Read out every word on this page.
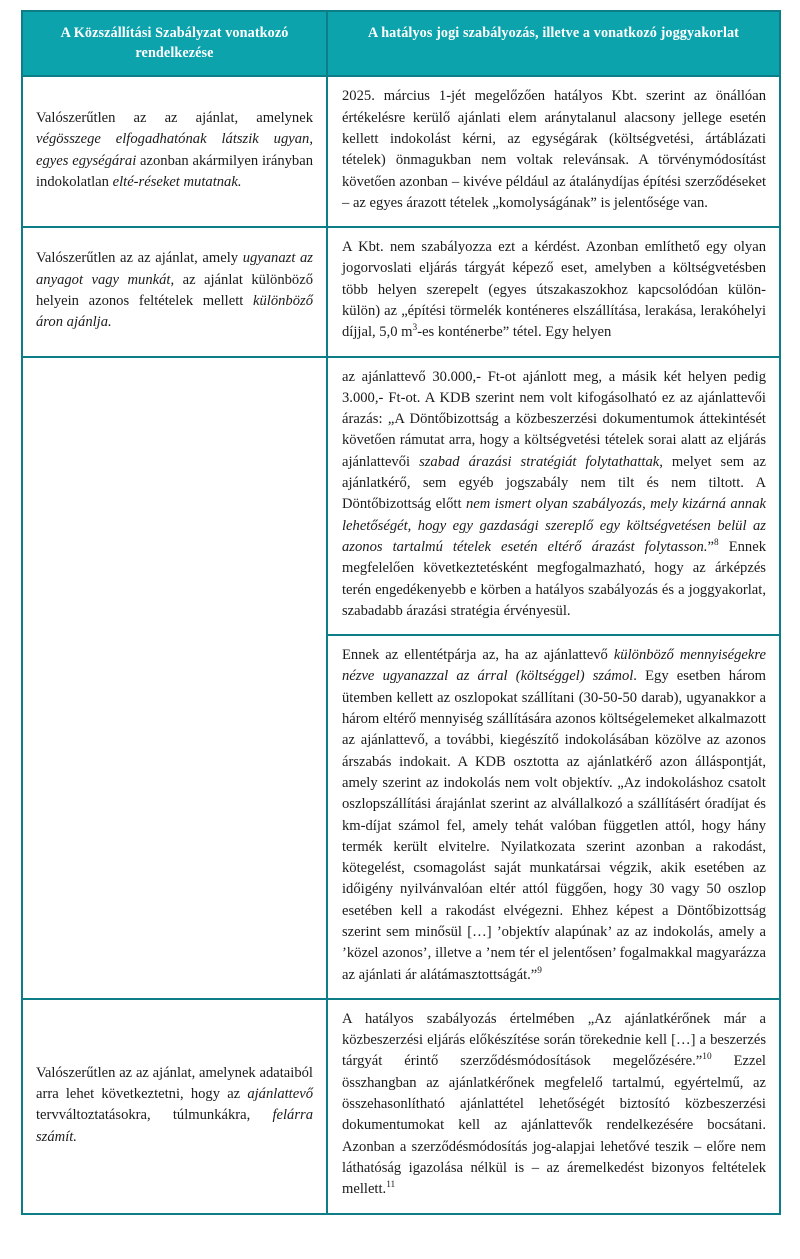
A Közszállítási Szabályzat vonatkozó rendelkezése	A hatályos jogi szabályozás, illetve a vonatkozó joggyakorlat

Valószerűtlen az az ajánlat, amelynek végösszege elfogadhatónak látszik ugyan, egyes egységárai azonban akármilyen irányban indokolatlan elté-réseket mutatnak.	2025. március 1-jét megelőzően hatályos Kbt. szerint az önállóan értékelésre kerülő ajánlati elem aránytalanul alacsony jellege esetén kellett indokolást kérni, az egységárak (költségvetési, ártáblázati tételek) önmagukban nem voltak relevánsak. A törvénymódosítást követően azonban – kivéve például az átalánydíjas építési szerződéseket – az egyes árazott tételek „komolyságának” is jelentősége van.

Valószerűtlen az az ajánlat, amely ugyanazt az anyagot vagy munkát, az ajánlat különböző helyein azonos feltételek mellett különböző áron ajánlja.	A Kbt. nem szabályozza ezt a kérdést. Azonban említhető egy olyan jogorvoslati eljárás tárgyát képező eset, amelyben a költségvetésben több helyen szerepelt (egyes útszakaszokhoz kapcsolódóan külön-külön) az „építési törmelék konténeres elszállítása, lerakása, lerakóhelyi díjjal, 5,0 $m^3-es$ konténerbe” tétel. Egy helyen

	az ajánlattevő 30.000,- Ft-ot ajánlott meg, a másik két helyen pedig 3.000,- Ft-ot. A KDB szerint nem volt kifogásolható ez az ajánlattevői árazás: „A Döntőbizottság a közbeszerzési dokumentumok áttekintését követően rámutat arra, hogy a költségvetési tételek sorai alatt az eljárás ajánlattevői szabad árazási stratégiát folytathattak, melyet sem az ajánlatkérő, sem egyéb jogszabály nem tilt és nem tiltott. A Döntőbizottság előtt nem ismert olyan szabályozás, mely kizárná annak lehetőségét, hogy egy gazdasági szereplő egy költségvetésen belül az azonos tartalmú tételek esetén eltérő árazást folytasson.”$^8$ Ennek megfelelően következtetésként megfogalmazható, hogy az árképzés terén engedékenyebb e körben a hatályos szabályozás és a joggyakorlat, szabadabb árazási stratégia érvényesül.

	Ennek az ellentétpárja az, ha az ajánlattevő különböző mennyiségekre nézve ugyanazzal az árral (költséggel) számol. Egy esetben három ütemben kellett az oszlopokat szállítani (30-50-50 darab), ugyanakkor a három eltérő mennyiség szállítására azonos költségelemeket alkalmazott az ajánlattevő, a további, kiegészítő indokolásában közölve az azonos árszabás indokait. A KDB osztotta az ajánlatkérő azon álláspontját, amely szerint az indokolás nem volt objektív. „Az indokoláshoz csatolt oszlopszállítási árajánlat szerint az alvállalkozó a szállításért óradíjat és km-díjat számol fel, amely tehát valóban független attól, hogy hány termék került elvitelre. Nyilatkozata szerint azonban a rakodást, kötegelést, csomagolást saját munkatársai végzik, akik esetében az időigény nyilvánvalóan eltér attól függően, hogy 30 vagy 50 oszlop esetében kell a rakodást elvégezni. Ehhez képest a Döntőbizottság szerint sem minősül […] ’objektív alapúnak’ az az indokolás, amely a ’közel azonos’, illetve a ’nem tér el jelentősen’ fogalmakkal magyarázza az ajánlati ár alátámasztottságát.”$^9$

Valószerűtlen az az ajánlat, amelynek adataiból arra lehet következtetni, hogy az ajánlattevő tervváltoztatásokra, túlmunkákra, felárra számít.	A hatályos szabályozás értelmében „Az ajánlatkérőnek már a közbeszerzési eljárás előkészítése során törekednie kell […] a beszerzés tárgyát érintő szerződésmódosítások megelőzésére.”$^{10}$ Ezzel összhangban az ajánlatkérőnek megfelelő tartalmú, egyértelmű, az összehasonlítható ajánlattétel lehetőségét biztosító közbeszerzési dokumentumokat kell az ajánlattevők rendelkezésére bocsátani. Azonban a szerződésmódosítás jog-alapjai lehetővé teszik – előre nem láthatóság igazolása nélkül is – az áremelkedést bizonyos feltételek mellett.$^{11}$
